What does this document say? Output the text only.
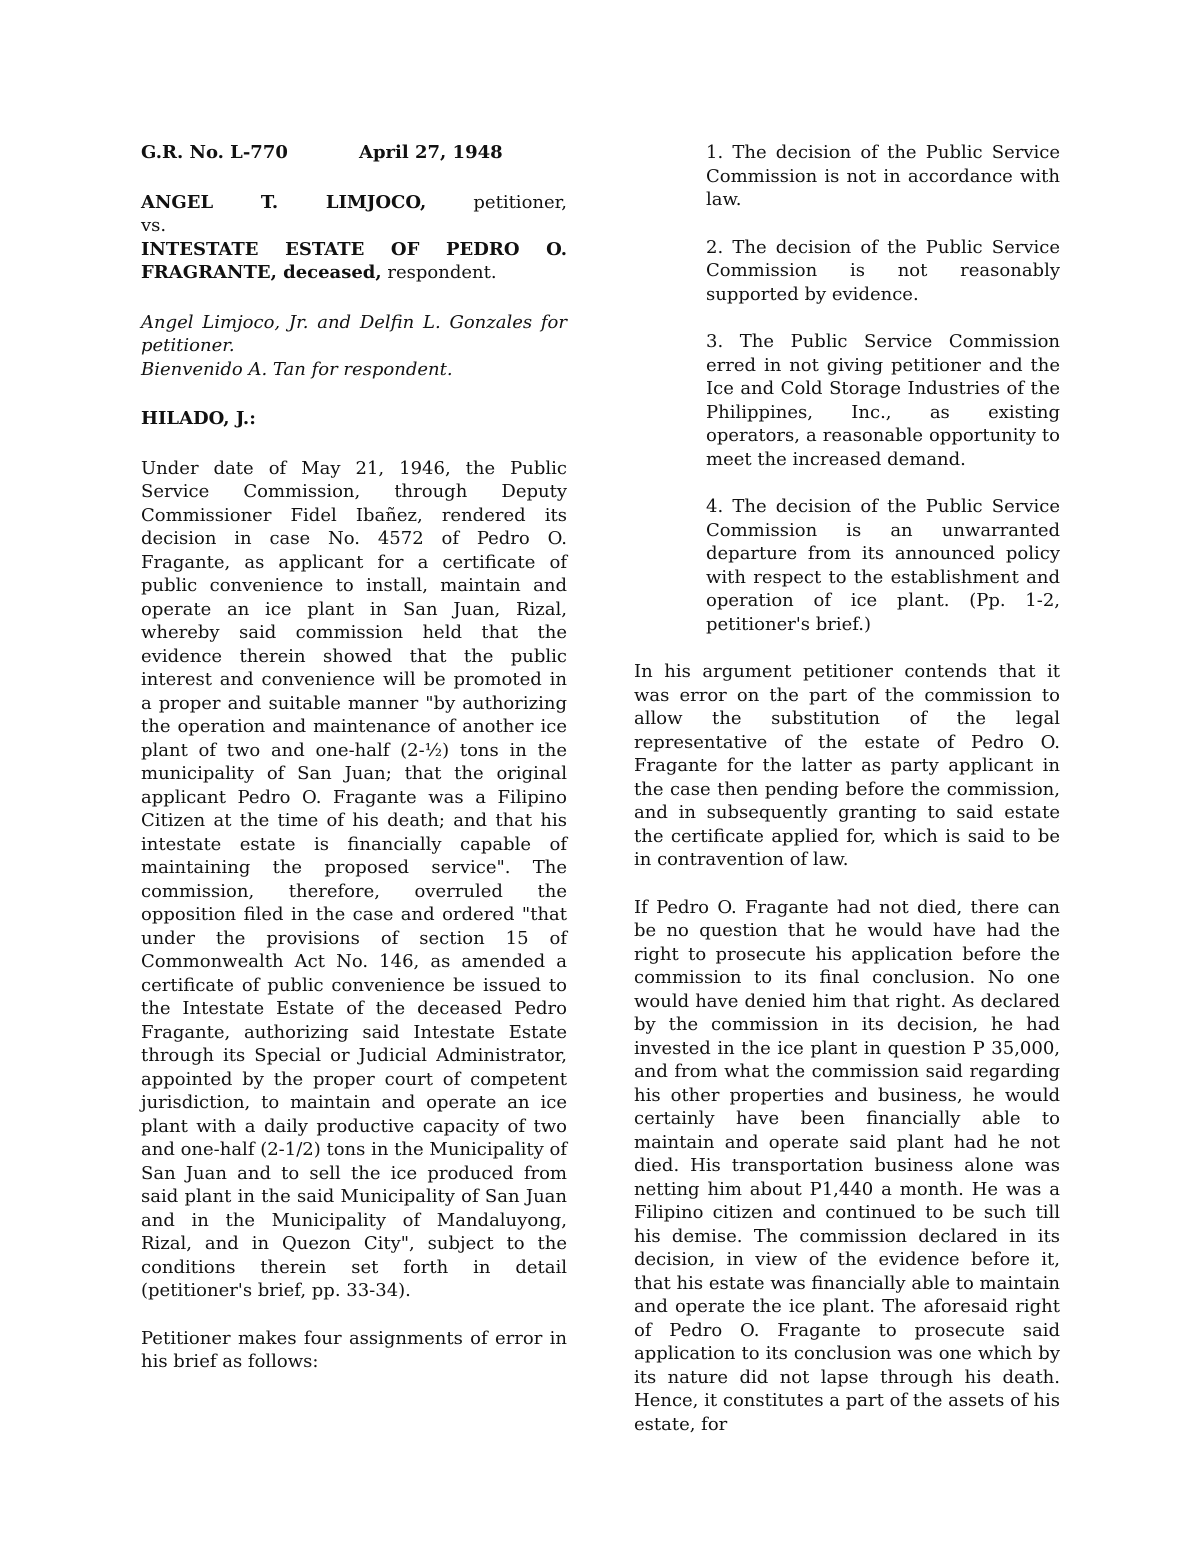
G.R. No. L-770	April 27, 1948

ANGEL T. LIMJOCO, petitioner,

vs.

INTESTATE ESTATE OF PEDRO O. FRAGRANTE, deceased, respondent.

Angel Limjoco, Jr. and Delfin L. Gonzales for petitioner.

Bienvenido A. Tan for respondent.

HILADO, J.:

Under date of May 21, 1946, the Public Service Commission, through Deputy Commissioner Fidel Ibañez, rendered its decision in case No. 4572 of Pedro O. Fragante, as applicant for a certificate of public convenience to install, maintain and operate an ice plant in San Juan, Rizal, whereby said commission held that the evidence therein showed that the public interest and convenience will be promoted in a proper and suitable manner "by authorizing the operation and maintenance of another ice plant of two and one-half (2-½) tons in the municipality of San Juan; that the original applicant Pedro O. Fragante was a Filipino Citizen at the time of his death; and that his intestate estate is financially capable of maintaining the proposed service". The commission, therefore, overruled the opposition filed in the case and ordered "that under the provisions of section 15 of Commonwealth Act No. 146, as amended a certificate of public convenience be issued to the Intestate Estate of the deceased Pedro Fragante, authorizing said Intestate Estate through its Special or Judicial Administrator, appointed by the proper court of competent jurisdiction, to maintain and operate an ice plant with a daily productive capacity of two and one-half (2-1/2) tons in the Municipality of San Juan and to sell the ice produced from said plant in the said Municipality of San Juan and in the Municipality of Mandaluyong, Rizal, and in Quezon City", subject to the conditions therein set forth in detail (petitioner's brief, pp. 33-34).

Petitioner makes four assignments of error in his brief as follows:

1. The decision of the Public Service Commission is not in accordance with law.

2. The decision of the Public Service Commission is not reasonably supported by evidence.

3. The Public Service Commission erred in not giving petitioner and the Ice and Cold Storage Industries of the Philippines, Inc., as existing operators, a reasonable opportunity to meet the increased demand.

4. The decision of the Public Service Commission is an unwarranted departure from its announced policy with respect to the establishment and operation of ice plant. (Pp. 1-2, petitioner's brief.)

In his argument petitioner contends that it was error on the part of the commission to allow the substitution of the legal representative of the estate of Pedro O. Fragante for the latter as party applicant in the case then pending before the commission, and in subsequently granting to said estate the certificate applied for, which is said to be in contravention of law.

If Pedro O. Fragante had not died, there can be no question that he would have had the right to prosecute his application before the commission to its final conclusion. No one would have denied him that right. As declared by the commission in its decision, he had invested in the ice plant in question P 35,000, and from what the commission said regarding his other properties and business, he would certainly have been financially able to maintain and operate said plant had he not died. His transportation business alone was netting him about P1,440 a month. He was a Filipino citizen and continued to be such till his demise. The commission declared in its decision, in view of the evidence before it, that his estate was financially able to maintain and operate the ice plant. The aforesaid right of Pedro O. Fragante to prosecute said application to its conclusion was one which by its nature did not lapse through his death. Hence, it constitutes a part of the assets of his estate, for
